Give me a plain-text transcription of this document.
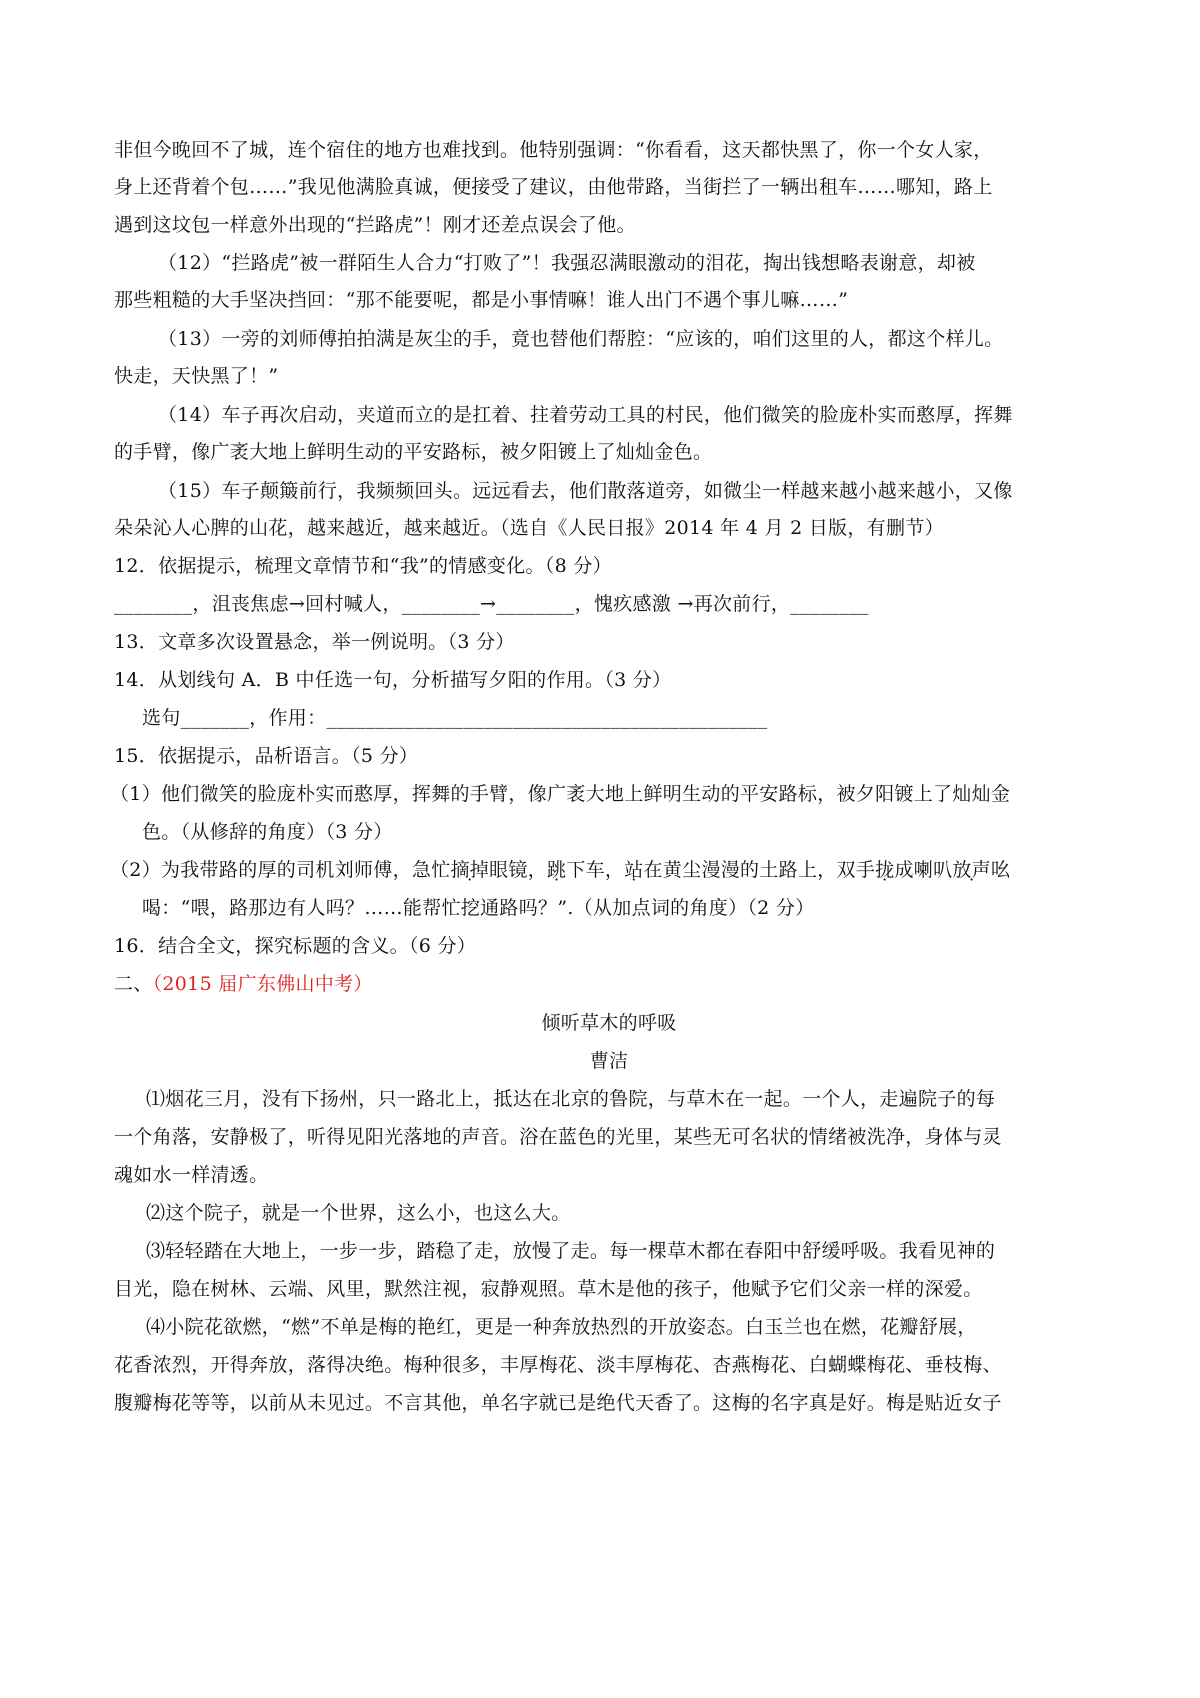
非但今晚回不了城，连个宿住的地方也难找到。他特别强调：“你看看，这天都快黑了，你一个女人家，
身上还背着个包……”我见他满脸真诚，便接受了建议，由他带路，当街拦了一辆出租车……哪知，路上
遇到这坟包一样意外出现的“拦路虎”！刚才还差点误会了他。
（12）“拦路虎”被一群陌生人合力“打败了”！我强忍满眼激动的泪花，掏出钱想略表谢意，却被
那些粗糙的大手坚决挡回：“那不能要呢，都是小事情嘛！谁人出门不遇个事儿嘛……”
（13）一旁的刘师傅拍拍满是灰尘的手，竟也替他们帮腔：“应该的，咱们这里的人，都这个样儿。
快走，天快黑了！”
（14）车子再次启动，夹道而立的是扛着、拄着劳动工具的村民，他们微笑的脸庞朴实而憨厚，挥舞
的手臂，像广袤大地上鲜明生动的平安路标，被夕阳镀上了灿灿金色。
（15）车子颠簸前行，我频频回头。远远看去，他们散落道旁，如微尘一样越来越小越来越小，又像
朵朵沁人心脾的山花，越来越近，越来越近。（选自《人民日报》2014 年 4 月 2 日版，有删节）
12．依据提示，梳理文章情节和“我”的情感变化。（8 分）
________，沮丧焦虑→回村喊人，________→________，愧疚感激 →再次前行，________
13．文章多次设置悬念，举一例说明。（3 分）
14．从划线句 A．B 中任选一句，分析描写夕阳的作用。（3 分）
选句_______，作用：_____________________________________________
15．依据提示，品析语言。（5 分）
（1）他们微笑的脸庞朴实而憨厚，挥舞的手臂，像广袤大地上鲜明生动的平安路标，被夕阳镀上了灿灿金
色。（从修辞的角度）（3 分）
（2）为我带路的厚的司机刘师傅，急忙摘掉眼镜，跳下车，站在黄尘漫漫的土路上，双手拢成喇叭放声吆
喝：“喂，路那边有人吗？……能帮忙挖通路吗？”.（从加点词的角度）（2 分）
16．结合全文，探究标题的含义。（6 分）
二、（2015 届广东佛山中考）
倾听草木的呼吸
曹洁
⑴烟花三月，没有下扬州，只一路北上，抵达在北京的鲁院，与草木在一起。一个人，走遍院子的每
一个角落，安静极了，听得见阳光落地的声音。浴在蓝色的光里，某些无可名状的情绪被洗净，身体与灵
魂如水一样清透。
⑵这个院子，就是一个世界，这么小，也这么大。
⑶轻轻踏在大地上，一步一步，踏稳了走，放慢了走。每一棵草木都在春阳中舒缓呼吸。我看见神的
目光，隐在树林、云端、风里，默然注视，寂静观照。草木是他的孩子，他赋予它们父亲一样的深爱。
⑷小院花欲燃，“燃”不单是梅的艳红，更是一种奔放热烈的开放姿态。白玉兰也在燃，花瓣舒展，
花香浓烈，开得奔放，落得决绝。梅种很多，丰厚梅花、淡丰厚梅花、杏燕梅花、白蝴蝶梅花、垂枝梅、
腹瓣梅花等等，以前从未见过。不言其他，单名字就已是绝代天香了。这梅的名字真是好。梅是贴近女子
